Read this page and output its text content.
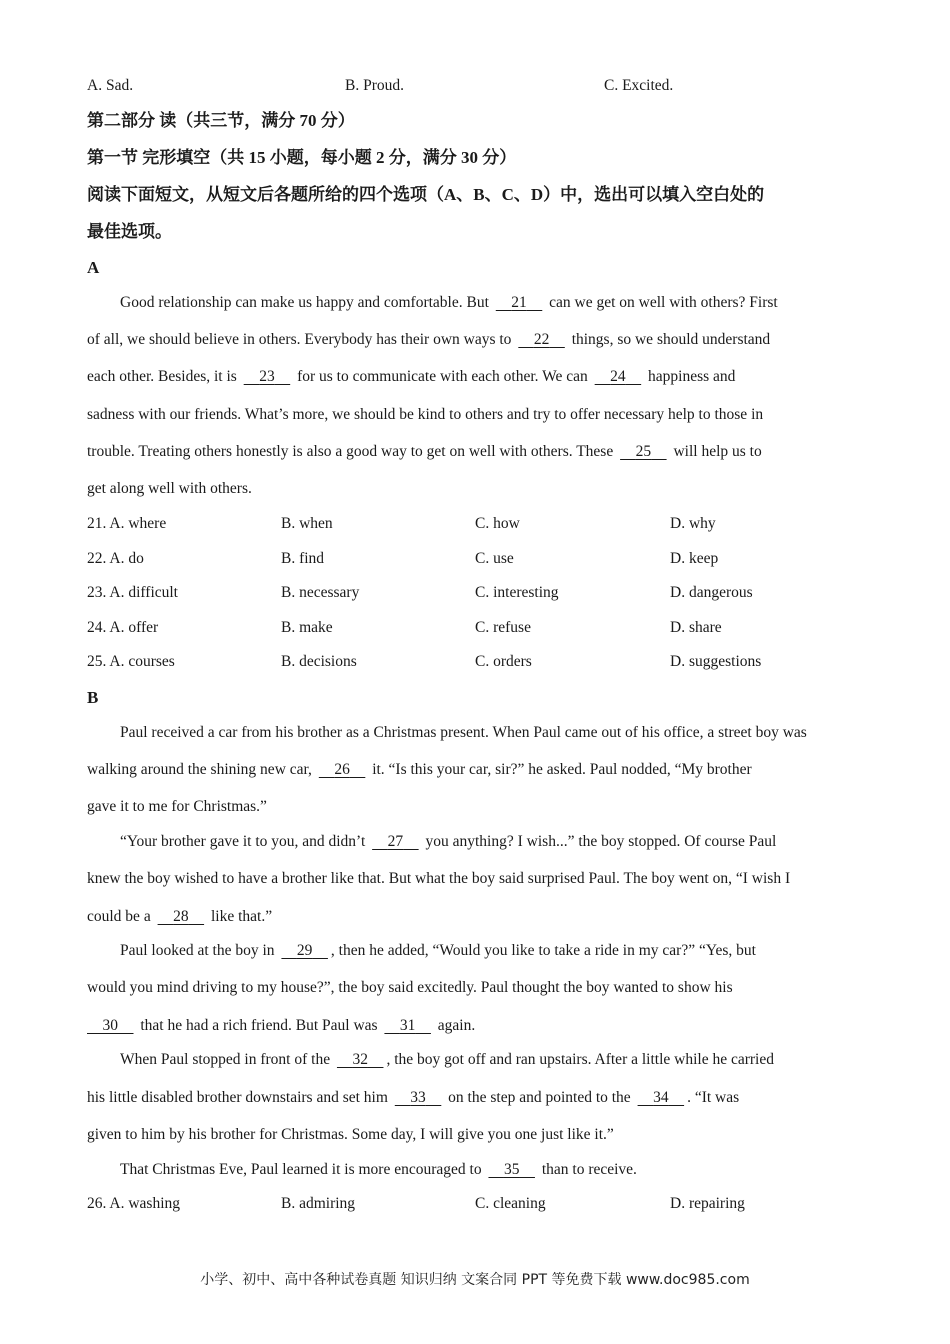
A. Sad.	B. Proud.	C. Excited.
第二部分 读（共三节，满分 70 分）
第一节 完形填空（共 15 小题，每小题 2 分，满分 30 分）
阅读下面短文，从短文后各题所给的四个选项（A、B、C、D）中，选出可以填入空白处的
最佳选项。
A
Good relationship can make us happy and comfortable. But 21 can we get on well with others? First
of all, we should believe in others. Everybody has their own ways to 22 things, so we should understand
each other. Besides, it is 23 for us to communicate with each other. We can 24 happiness and
sadness with our friends. What’s more, we should be kind to others and try to offer necessary help to those in
trouble. Treating others honestly is also a good way to get on well with others. These 25 will help us to
get along well with others.
21. A. where	B. when	C. how	D. why
22. A. do	B. find	C. use	D. keep
23. A. difficult	B. necessary	C. interesting	D. dangerous
24. A. offer	B. make	C. refuse	D. share
25. A. courses	B. decisions	C. orders	D. suggestions
B
Paul received a car from his brother as a Christmas present. When Paul came out of his office, a street boy was
walking around the shining new car, 26 it. “Is this your car, sir?” he asked. Paul nodded, “My brother
gave it to me for Christmas.”
“Your brother gave it to you, and didn’t 27 you anything? I wish...” the boy stopped. Of course Paul
knew the boy wished to have a brother like that. But what the boy said surprised Paul. The boy went on, “I wish I
could be a 28 like that.”
Paul looked at the boy in 29 , then he added, “Would you like to take a ride in my car?” “Yes, but
would you mind driving to my house?”, the boy said excitedly. Paul thought the boy wanted to show his
30 that he had a rich friend. But Paul was 31 again.
When Paul stopped in front of the 32 , the boy got off and ran upstairs. After a little while he carried
his little disabled brother downstairs and set him 33 on the step and pointed to the 34 . “It was
given to him by his brother for Christmas. Some day, I will give you one just like it.”
That Christmas Eve, Paul learned it is more encouraged to 35 than to receive.
26. A. washing	B. admiring	C. cleaning	D. repairing
小学、初中、高中各种试卷真题 知识归纳 文案合同 PPT 等免费下载 www.doc985.com
